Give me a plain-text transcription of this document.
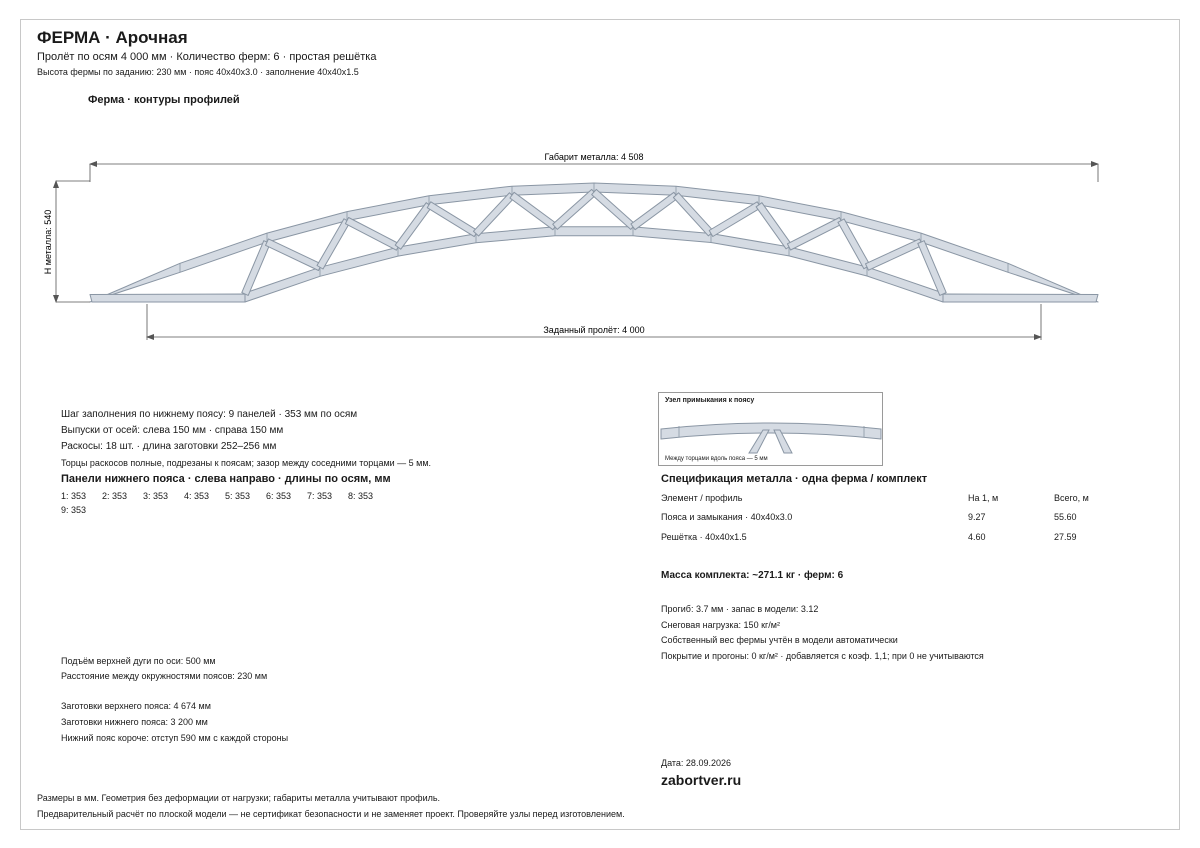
ФЕРМА · Арочная
Пролёт по осям 4 000 мм · Количество ферм: 6 · простая решётка
Высота фермы по заданию: 230 мм · пояс 40x40x3.0 · заполнение 40x40x1.5
Ферма · контуры профилей
Габарит металла: 4 508
Н металла: 540
Заданный пролёт: 4 000
Шаг заполнения по нижнему поясу: 9 панелей · 353 мм по осям
Выпуски от осей: слева 150 мм · справа 150 мм
Раскосы: 18 шт. · длина заготовки 252–256 мм
Торцы раскосов полные, подрезаны к поясам; зазор между соседними торцами — 5 мм.
Панели нижнего пояса · слева направо · длины по осям, мм
1: 353 2: 353 3: 353 4: 353 5: 353 6: 353 7: 353 8: 353
9: 353
Подъём верхней дуги по оси: 500 мм
Расстояние между окружностями поясов: 230 мм
Заготовки верхнего пояса: 4 674 мм
Заготовки нижнего пояса: 3 200 мм
Нижний пояс короче: отступ 590 мм с каждой стороны
Узел примыкания к поясу
Между торцами вдоль пояса — 5 мм
Спецификация металла · одна ферма / комплект
Элемент / профиль	На 1, м	Всего, м
Пояса и замыкания · 40x40x3.0	9.27	55.60
Решётка · 40x40x1.5	4.60	27.59
Масса комплекта: ~271.1 кг · ферм: 6
Прогиб: 3.7 мм · запас в модели: 3.12
Снеговая нагрузка: 150 кг/м²
Собственный вес фермы учтён в модели автоматически
Покрытие и прогоны: 0 кг/м² · добавляется с коэф. 1,1; при 0 не учитываются
Дата: 28.09.2026
zabortver.ru
Размеры в мм. Геометрия без деформации от нагрузки; габариты металла учитывают профиль.
Предварительный расчёт по плоской модели — не сертификат безопасности и не заменяет проект. Проверяйте узлы перед изготовлением.
